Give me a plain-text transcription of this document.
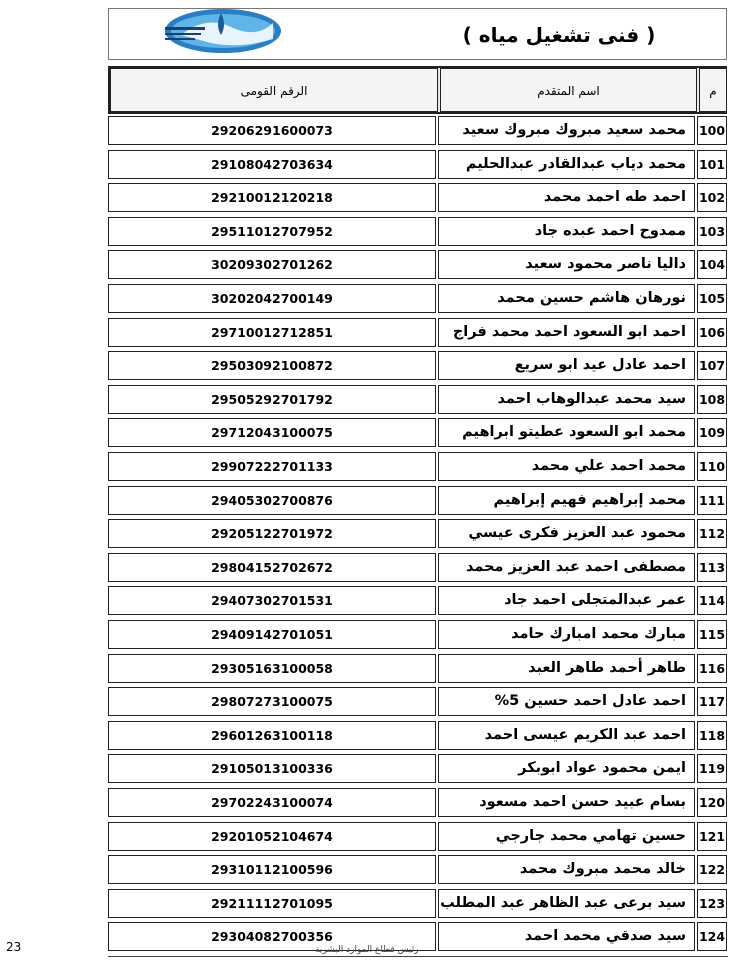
( فنى تشغيل مياه )
الرقم القومى	اسم المتقدم	م
29206291600073	محمد سعيد مبروك مبروك سعيد	100
29108042703634	محمد دياب عبدالقادر عبدالحليم	101
29210012120218	احمد طه احمد محمد	102
29511012707952	ممدوح احمد عبده جاد	103
30209302701262	داليا ناصر محمود سعيد	104
30202042700149	نورهان هاشم حسين محمد	105
29710012712851	احمد ابو السعود احمد محمد فراج	106
29503092100872	احمد عادل عيد ابو سريع	107
29505292701792	سيد محمد عبدالوهاب احمد	108
29712043100075	محمد ابو السعود عطيتو ابراهيم	109
29907222701133	محمد احمد علي محمد	110
29405302700876	محمد إبراهيم فهيم إبراهيم	111
29205122701972	محمود عبد العزيز فكرى عيسي	112
29804152702672	مصطفى احمد عبد العزيز محمد	113
29407302701531	عمر عبدالمتجلى احمد جاد	114
29409142701051	مبارك محمد امبارك حامد	115
29305163100058	طاهر أحمد طاهر العبد	116
29807273100075	احمد عادل احمد حسين 5%	117
29601263100118	احمد عبد الكريم عيسى احمد	118
29105013100336	ايمن محمود عواد ابوبكر	119
29702243100074	بسام عبيد حسن احمد مسعود	120
29201052104674	حسين تهامي محمد جارجي	121
29310112100596	خالد محمد مبروك محمد	122
29211112701095	سيد برعى عبد الظاهر عبد المطلب	123
29304082700356	سيد صدقي محمد احمد	124
23	رئيس قطاع الموارد البشرية
